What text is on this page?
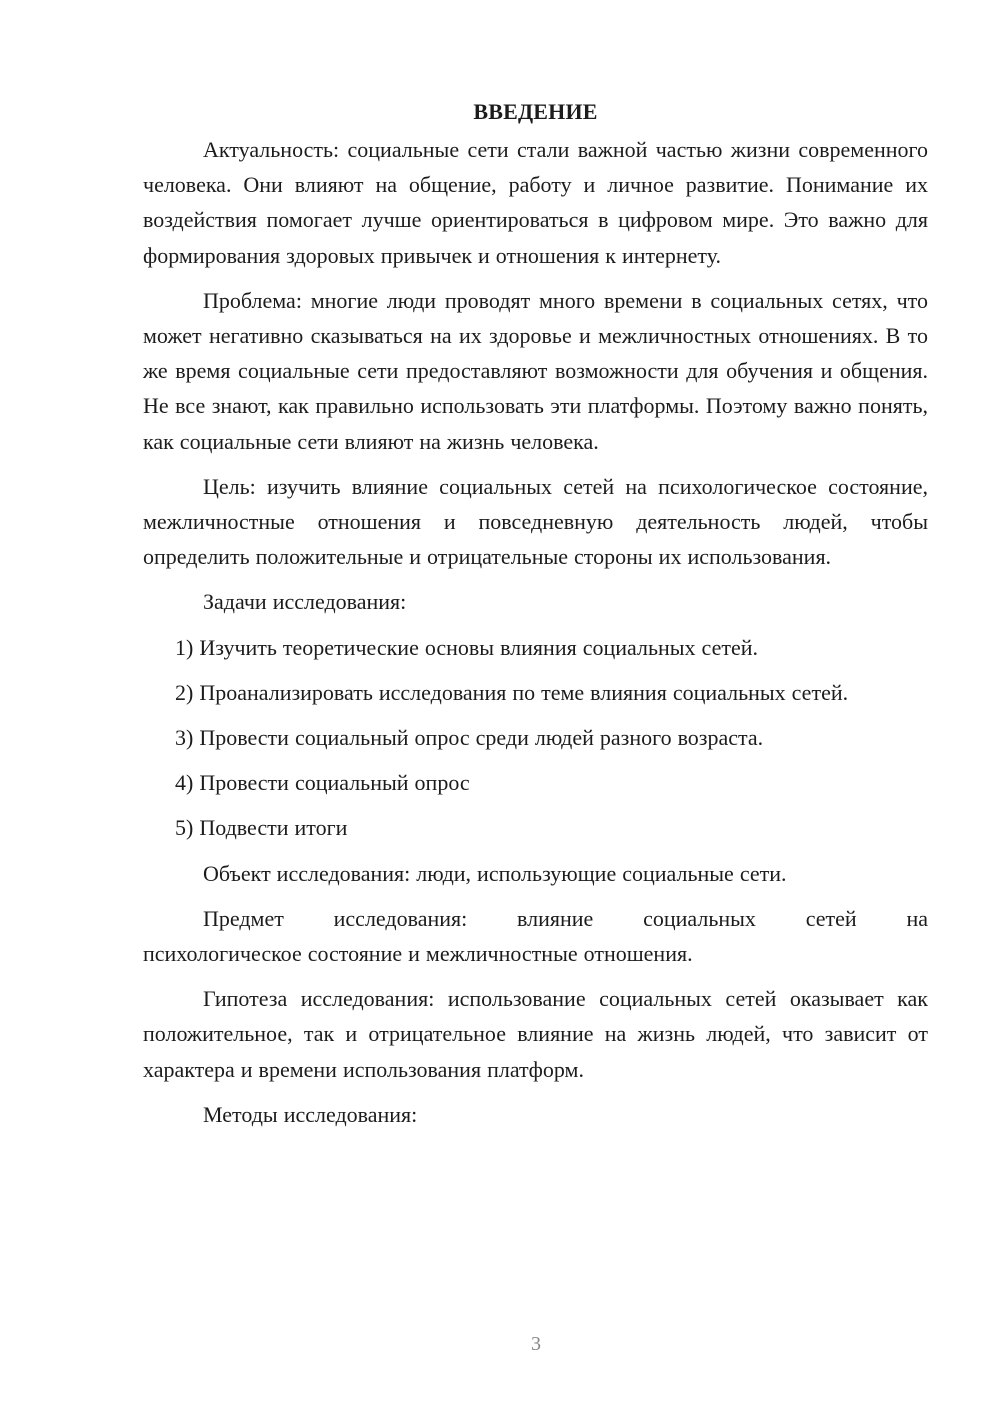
ВВЕДЕНИЕ

Актуальность: социальные сети стали важной частью жизни современного человека. Они влияют на общение, работу и личное развитие. Понимание их воздействия помогает лучше ориентироваться в цифровом мире. Это важно для формирования здоровых привычек и отношения к интернету.

Проблема: многие люди проводят много времени в социальных сетях, что может негативно сказываться на их здоровье и межличностных отношениях. В то же время социальные сети предоставляют возможности для обучения и общения. Не все знают, как правильно использовать эти платформы. Поэтому важно понять, как социальные сети влияют на жизнь человека.

Цель: изучить влияние социальных сетей на психологическое состояние, межличностные отношения и повседневную деятельность людей, чтобы определить положительные и отрицательные стороны их использования.

Задачи исследования:

1) Изучить теоретические основы влияния социальных сетей.

2) Проанализировать исследования по теме влияния социальных сетей.

3) Провести социальный опрос среди людей разного возраста.

4) Провести социальный опрос

5) Подвести итоги

Объект исследования: люди, использующие социальные сети.

Предмет исследования: влияние социальных сетей на
психологическое состояние и межличностные отношения.

Гипотеза исследования: использование социальных сетей оказывает как положительное, так и отрицательное влияние на жизнь людей, что зависит от характера и времени использования платформ.

Методы исследования:

3
